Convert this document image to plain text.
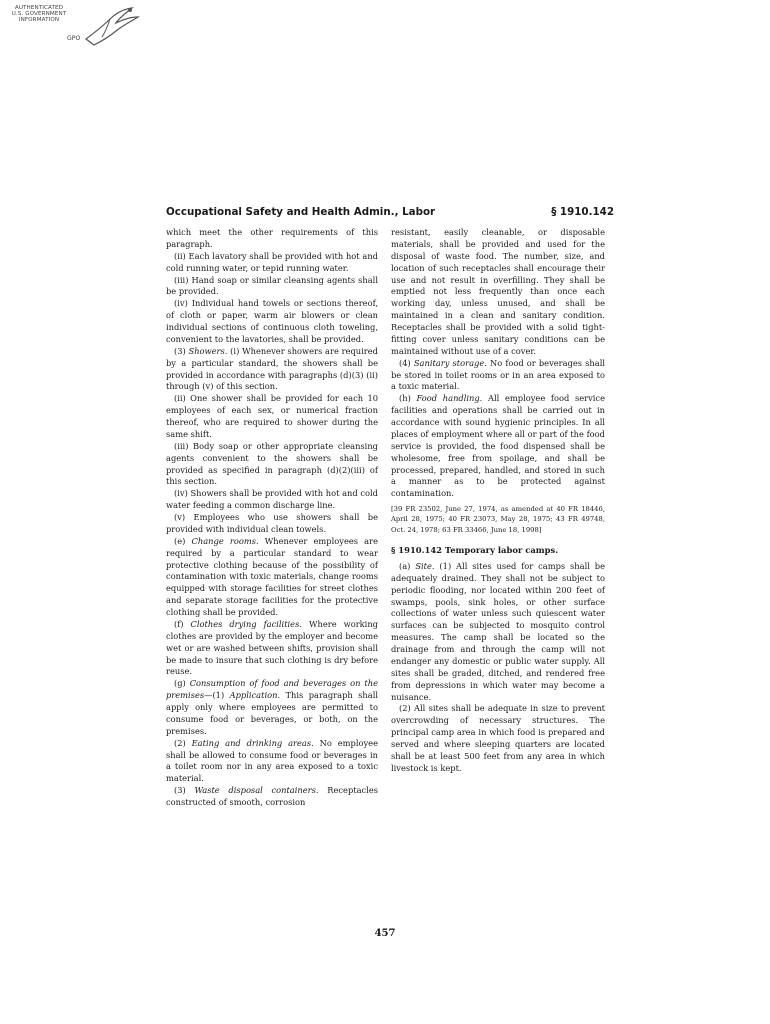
AUTHENTICATED
U.S. GOVERNMENT
INFORMATION
GPO
Occupational Safety and Health Admin., Labor	§ 1910.142

which meet the other requirements of this paragraph.

(ii) Each lavatory shall be provided with hot and cold running water, or tepid running water.

(iii) Hand soap or similar cleansing agents shall be provided.

(iv) Individual hand towels or sections thereof, of cloth or paper, warm air blowers or clean individual sections of continuous cloth toweling, convenient to the lavatories, shall be provided.

(3) Showers. (i) Whenever showers are required by a particular standard, the showers shall be provided in accordance with paragraphs (d)(3) (ii) through (v) of this section.

(ii) One shower shall be provided for each 10 employees of each sex, or numerical fraction thereof, who are required to shower during the same shift.

(iii) Body soap or other appropriate cleansing agents convenient to the showers shall be provided as specified in paragraph (d)(2)(iii) of this section.

(iv) Showers shall be provided with hot and cold water feeding a common discharge line.

(v) Employees who use showers shall be provided with individual clean towels.

(e) Change rooms. Whenever employees are required by a particular standard to wear protective clothing because of the possibility of contamination with toxic materials, change rooms equipped with storage facilities for street clothes and separate storage facilities for the protective clothing shall be provided.

(f) Clothes drying facilities. Where working clothes are provided by the employer and become wet or are washed between shifts, provision shall be made to insure that such clothing is dry before reuse.

(g) Consumption of food and beverages on the premises—(1) Application. This paragraph shall apply only where employees are permitted to consume food or beverages, or both, on the premises.

(2) Eating and drinking areas. No employee shall be allowed to consume food or beverages in a toilet room nor in any area exposed to a toxic material.

(3) Waste disposal containers. Receptacles constructed of smooth, corrosion

resistant, easily cleanable, or disposable materials, shall be provided and used for the disposal of waste food. The number, size, and location of such receptacles shall encourage their use and not result in overfilling. They shall be emptied not less frequently than once each working day, unless unused, and shall be maintained in a clean and sanitary condition. Receptacles shall be provided with a solid tight-fitting cover unless sanitary conditions can be maintained without use of a cover.

(4) Sanitary storage. No food or beverages shall be stored in toilet rooms or in an area exposed to a toxic material.

(h) Food handling. All employee food service facilities and operations shall be carried out in accordance with sound hygienic principles. In all places of employment where all or part of the food service is provided, the food dispensed shall be wholesome, free from spoilage, and shall be processed, prepared, handled, and stored in such a manner as to be protected against contamination.

[39 FR 23502, June 27, 1974, as amended at 40 FR 18446, April 28, 1975; 40 FR 23073, May 28, 1975; 43 FR 49748, Oct. 24, 1978; 63 FR 33466, June 18, 1998]

§ 1910.142 Temporary labor camps.

(a) Site. (1) All sites used for camps shall be adequately drained. They shall not be subject to periodic flooding, nor located within 200 feet of swamps, pools, sink holes, or other surface collections of water unless such quiescent water surfaces can be subjected to mosquito control measures. The camp shall be located so the drainage from and through the camp will not endanger any domestic or public water supply. All sites shall be graded, ditched, and rendered free from depressions in which water may become a nuisance.

(2) All sites shall be adequate in size to prevent overcrowding of necessary structures. The principal camp area in which food is prepared and served and where sleeping quarters are located shall be at least 500 feet from any area in which livestock is kept.

457
